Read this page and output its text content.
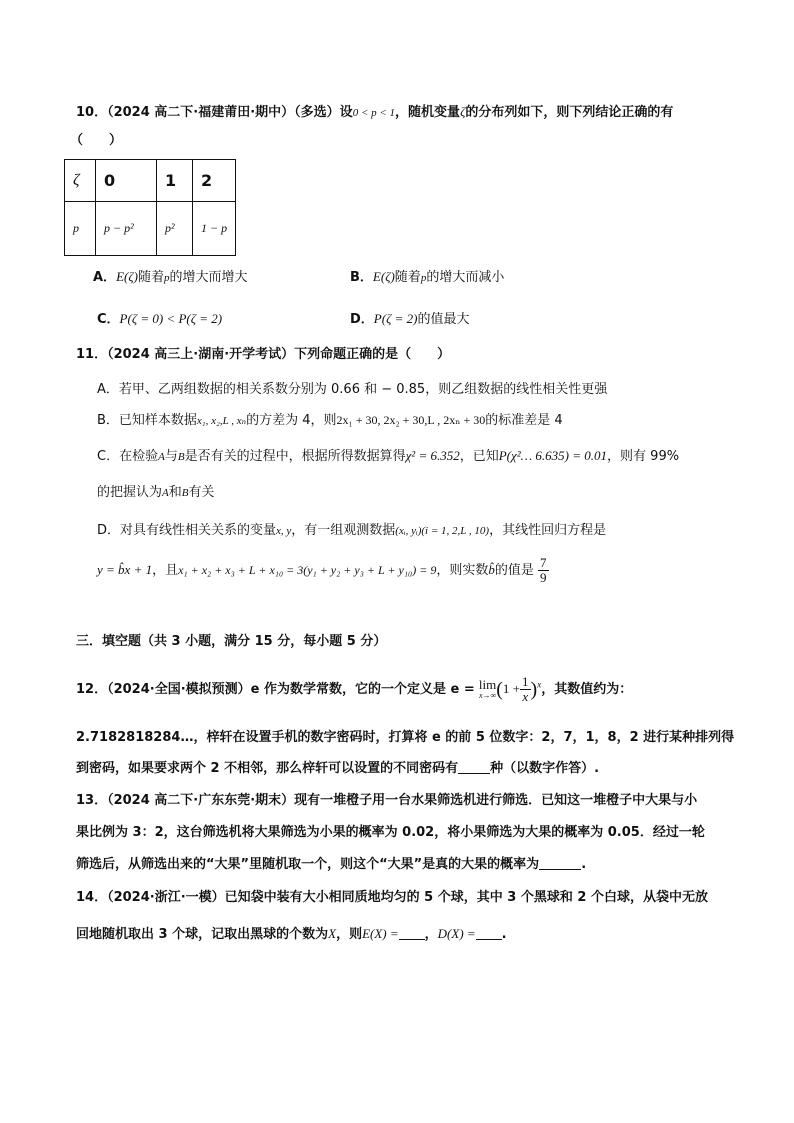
10．（2024 高二下·福建莆田·期中）（多选）设0 < p < 1，随机变量ζ的分布列如下，则下列结论正确的有
（　　）
ζ	0	1	2
p	p − p²	p²	1 − p
A．E(ζ)随着p的增大而增大	B．E(ζ)随着p的增大而减小
C．P(ζ = 0) < P(ζ = 2)	D．P(ζ = 2)的值最大
11．（2024 高三上·湖南·开学考试）下列命题正确的是（　　）
A．若甲、乙两组数据的相关系数分别为 0.66 和 − 0.85，则乙组数据的线性相关性更强
B．已知样本数据x₁, x₂,L , xₙ的方差为 4，则2x₁ + 30, 2x₂ + 30,L , 2xₙ + 30的标准差是 4
C．在检验A与B是否有关的过程中，根据所得数据算得χ² = 6.352，已知P(χ²… 6.635) = 0.01，则有 99%
的把握认为A和B有关
D．对具有线性相关关系的变量x, y，有一组观测数据(xᵢ, yᵢ)(i = 1, 2,L , 10)，其线性回归方程是
y = b̂x + 1，且x₁ + x₂ + x₃ + L + x₁₀ = 3(y₁ + y₂ + y₃ + L + y₁₀) = 9，则实数b̂的值是 $\frac{7}{9}$
三．填空题（共 3 小题，满分 15 分，每小题 5 分）
12．（2024·全国·模拟预测）e 作为数学常数，它的一个定义是 e = lim
x→∞ $(1 + \frac{1}{x} )^x$，其数值约为：
2.7182818284…，梓轩在设置手机的数字密码时，打算将 e 的前 5 位数字：2，7，1，8，2 进行某种排列得
到密码，如果要求两个 2 不相邻，那么梓轩可以设置的不同密码有 种（以数字作答）.
13．（2024 高二下·广东东莞·期末）现有一堆橙子用一台水果筛选机进行筛选．已知这一堆橙子中大果与小
果比例为 3：2，这台筛选机将大果筛选为小果的概率为 0.02，将小果筛选为大果的概率为 0.05．经过一轮
筛选后，从筛选出来的“大果”里随机取一个，则这个“大果”是真的大果的概率为	.
14．（2024·浙江·一模）已知袋中装有大小相同质地均匀的 5 个球，其中 3 个黑球和 2 个白球，从袋中无放
回地随机取出 3 个球，记取出黑球的个数为X，则E(X) = ，D(X) = .
